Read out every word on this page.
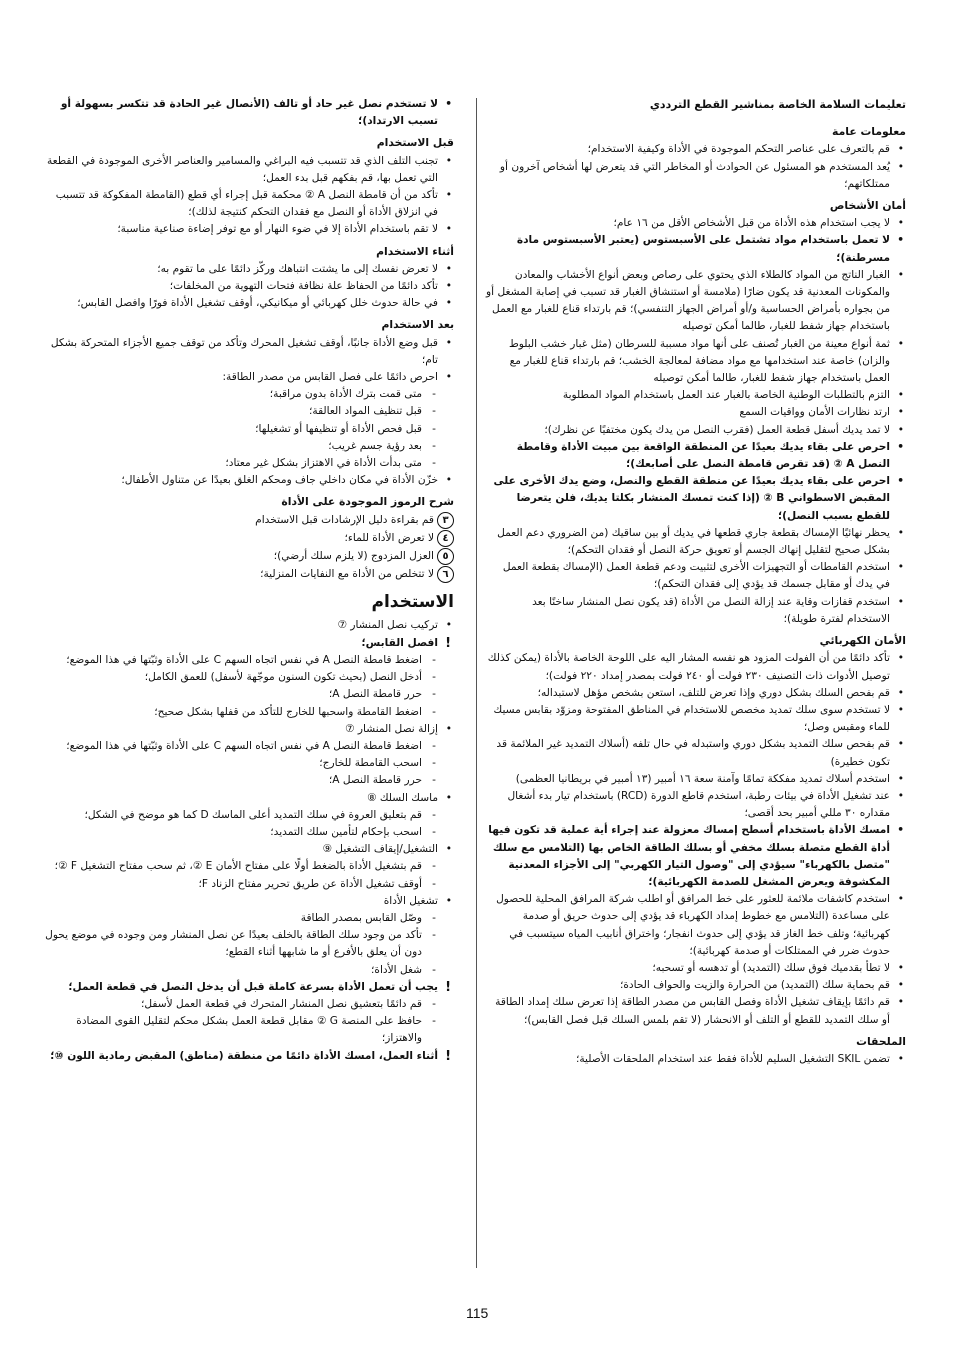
تعليمات السلامة الخاصة بمناشير القطع الترددي
معلومات عامة
• قم بالتعرف على عناصر التحكم الموجودة في الأداة وكيفية الاستخدام؛
• يُعد المستخدم هو المسئول عن الحوادث أو المخاطر التي قد يتعرض لها أشخاص آخرون أو ممتلكاتهم؛
أمان الأشخاص
• لا يجب استخدام هذه الأداة من قبل الأشخاص الأقل من ١٦ عام؛
• لا تعمل باستخدام مواد تشتمل على الأسبستوس (يعتبر الأسبستوس مادة مسرطنة)؛
• الغبار الناتج من المواد كالطلاء الذي يحتوي على رصاص وبعض أنواع الأخشاب والمعادن والمكونات المعدنية قد يكون ضارًا (ملامسة أو استنشاق الغبار قد تسبب في إصابة المشغل أو من بجواره بأمراض الحساسية و/أو أمراض الجهاز التنفسي)؛ قم بارتداء قناع للغبار مع العمل باستخدام جهاز شفط للغبار، طالما أمكن توصيله
• ثمة أنواع معينة من الغبار تُصنف على أنها مواد مسببة للسرطان (مثل غبار خشب البلوط والزان) خاصة عند استخدامها مع مواد مضافة لمعالجة الخشب؛ قم بارتداء قناع للغبار مع العمل باستخدام جهاز شفط للغبار، طالما أمكن توصيله
• التزم بالتطلبات الوطنية الخاصة بالغبار عند العمل باستخدام المواد المطلوبة
• ارتد نظارات الأمان وواقيات السمع
• لا تمد يديك أسفل قطعة العمل (فقرب النصل من يدك يكون مختفيًا عن نظرك)؛
• احرص على بقاء يديك بعيدًا عن المنطقة الواقعة بين مبيت الأداة وقامطة النصل A ② (قد تقرص قامطة النصل على أصابعك)؛
• احرص على بقاء يديك بعيدًا عن منطقة القطع والنصل، وضع يدك الأخرى على المقبض الاسطواني B ② (إذا كنت تمسك المنشار بكلتا يديك، فلن يتعرضا للقطع بسبب النصل)؛
• يحظر نهائيًا الإمساك بقطعة جاري قطعها في يديك أو بين ساقيك (من الضروري دعم العمل بشكل صحيح لتقليل إنهاك الجسم أو تعويق حركة النصل أو فقدان التحكم)؛
• استخدم القامطات أو التجهيزات الأخرى لتثبيت ودعم قطعة العمل (الإمساك بقطعة العمل في يدك أو مقابل جسمك قد يؤدي إلى فقدان التحكم)؛
• استخدم قفازات وقاية عند إزالة النصل من الأداة (قد يكون نصل المنشار ساخنًا بعد الاستخدام لفترة طويلة)؛
الأمان الكهربائي
• تأكد دائمًا من أن الفولت المزود هو نفسه المشار اليه على اللوحة الخاصة بالأداة (يمكن كذلك توصيل الأدوات ذات التصنيف ٢٣٠ فولت أو ٢٤٠ فولت بمصدر إمداد ٢٢٠ فولت)؛
• قم بفحص السلك بشكل دوري وإذا تعرض للتلف، استعن بشخص مؤهل لاستبداله؛
• لا تستخدم سوى سلك تمديد مخصص للاستخدام في المناطق المفتوحة ومزوّد بقابس مسيك للماء ومقبس وصل؛
• قم بفحص سلك التمديد بشكل دوري واستبدله في حال تلفه (أسلاك التمديد غير الملائمة قد تكون خطيرة)
• استخدم أسلاك تمديد مفككة تمامًا وآمنة سعة ١٦ أمبير (١٣ أمبير في بريطانيا العظمى)
• عند تشغيل الأداة في بيئات رطبة، استخدم قاطع الدورة (RCD) باستخدام تيار بدء أشغال مقداره ٣٠ مللي أمبير بحد أقصى؛
• امسك الأداة باستخدام أسطح إمساك معزولة عند إجراء أية عملية قد تكون فيها أداة القطع متصلة بسلك مخفي أو بسلك الطاقة الخاص بها (التلامس مع سلك "متصل بالكهرباء" سيؤدي إلى "وصول التيار الكهربي" إلى الأجزاء المعدنية المكشوفة ويعرض المشغل للصدمة الكهربائية)؛
• استخدم كاشفات ملائمة للعثور على خط المرافق أو اطلب شركة المرافق المحلية للحصول على مساعدة (التلامس مع خطوط إمداد الكهرباء قد يؤدي إلى حدوث حريق أو صدمة كهربائية؛ وتلف خط الغاز قد يؤدي إلى حدوث انفجار؛ واختراق أنابيب المياه سيتسبب في حدوث ضرر في الممتلكات أو صدمة كهربائية)؛
• لا تطأ بقدميك فوق سلك (التمديد) أو تدهسه أو تسحبه؛
• قم بحماية سلك (التمديد) من الحرارة والزيت والحواف الحادة؛
• قم دائمًا بإيقاف تشغيل الأداة وفصل القابس من مصدر الطاقة إذا تعرض سلك إمداد الطاقة أو سلك التمديد للقطع أو التلف أو الانحشار (لا تقم بلمس السلك قبل فصل القابس)؛
الملحقات
• تضمن SKIL التشغيل السليم للأداة فقط عند استخدام الملحقات الأصلية؛
• لا تستخدم نصل غير حاد أو تالف (الأنصال غير الحادة قد تتكسر بسهولة أو تسبب الارتداد)؛
قبل الاستخدام
• تجنب التلف الذي قد تتسبب فيه البراغي والمسامير والعناصر الأخرى الموجودة في القطعة التي تعمل بها، قم بفكهم قبل بدء العمل؛
• تأكد من أن قامطة النصل A ② محكمة قبل إجراء أي قطع (القامطة المفكوكة قد تتسبب في انزلاق الأداة أو النصل مع فقدان التحكم كنتيجة لذلك)؛
• لا تقم باستخدام الأداة إلا في ضوء النهار أو مع توفر إضاءة صناعية مناسبة؛
أثناء الاستخدام
• لا تعرض نفسك إلى ما يشتت انتباهك وركّز دائمًا على ما تقوم به؛
• تأكد دائمًا من الحفاظ علة نظافة فتحات التهوية من المخلفات؛
• في حالة حدوث خلل كهربائي أو ميكانيكي، أوقف تشغيل الأداة فورًا وافصل القابس؛
بعد الاستخدام
• قبل وضع الأداة جانبًا، أوقف تشغيل المحرك وتأكد من توقف جميع الأجزاء المتحركة بشكل تام؛
• احرص دائمًا على فصل القابس من مصدر الطاقة:
- متى قمت بترك الأداة بدون مراقبة؛
- قبل تنظيف المواد العالقة؛
- قبل فحص الأداة أو تنظيفها أو تشغيلها؛
- بعد رؤية جسم غريب؛
- متى بدأت الأداة في الاهتزاز بشكل غير معتاد؛
• خزّن الأداة في مكان داخلي جاف ومحكم الغلق بعيدًا عن متناول الأطفال؛
شرح الرموز الموجودة على الأداة
٣
قم بقراءة دليل الإرشادات قبل الاستخدام
٤
لا تعرض الأداة للماء؛
٥
العزل المزدوج (لا يلزم سلك أرضي)؛
٦
لا تتخلص من الأداة مع النفايات المنزلية؛
الاستخدام
• تركيب نصل المنشار ⑦
! افصل القابس؛
- اضغط قامطة النصل A في نفس اتجاه السهم C على الأداة وثبّتها في هذا الموضع؛
- أدخل النصل (بحيث تكون السنون موجّهة لأسفل) للعمق الكامل؛
- حرر قامطة النصل A؛
- اضغط القامطة واسحبها للخارج للتأكد من قفلها بشكل صحيح؛
• إزالة نصل المنشار ⑦
- اضغط قامطة النصل A في نفس اتجاه السهم C على الأداة وثبّتها في هذا الموضع؛
- اسحب القامطة للخارج؛
- حرر قامطة النصل A؛
• ماسك السلك ⑧
- قم بتعليق العروة في سلك التمديد أعلى الماسك D كما هو موضح في الشكل؛
- اسحب بإحكام لتأمين سلك التمديد؛
• التشغيل/إيقاف التشغيل ⑨
- قم بتشغيل الأداة بالضغط أولًا على مفتاح الأمان E ②، ثم سحب مفتاح التشغيل F ②؛
- أوقف تشغيل الأداة عن طريق تحرير مفتاح الزناد F؛
• تشغيل الأداة
- وصّل القابس بمصدر الطاقة
- تأكد من وجود سلك الطاقة بالخلف بعيدًا عن نصل المنشار ومن وجوده في موضع يحول دون أن يعلق بالأفرع أو ما شابهها أثناء القطع؛
- شغل الأداة؛
! يجب أن تعمل الأداة بسرعة كاملة قبل أن يدخل النصل في قطعة العمل؛
- قم دائمًا بتعشيق نصل المنشار المتحرك في قطعة العمل لأسفل؛
- حافظ على المنصة G ② مقابل قطعة العمل بشكل محكم لتقليل القوى المضادة والاهتزاز؛
! أثناء العمل، امسك الأداة دائمًا من منطقة (مناطق) المقبض رمادية اللون ⑩؛
115
